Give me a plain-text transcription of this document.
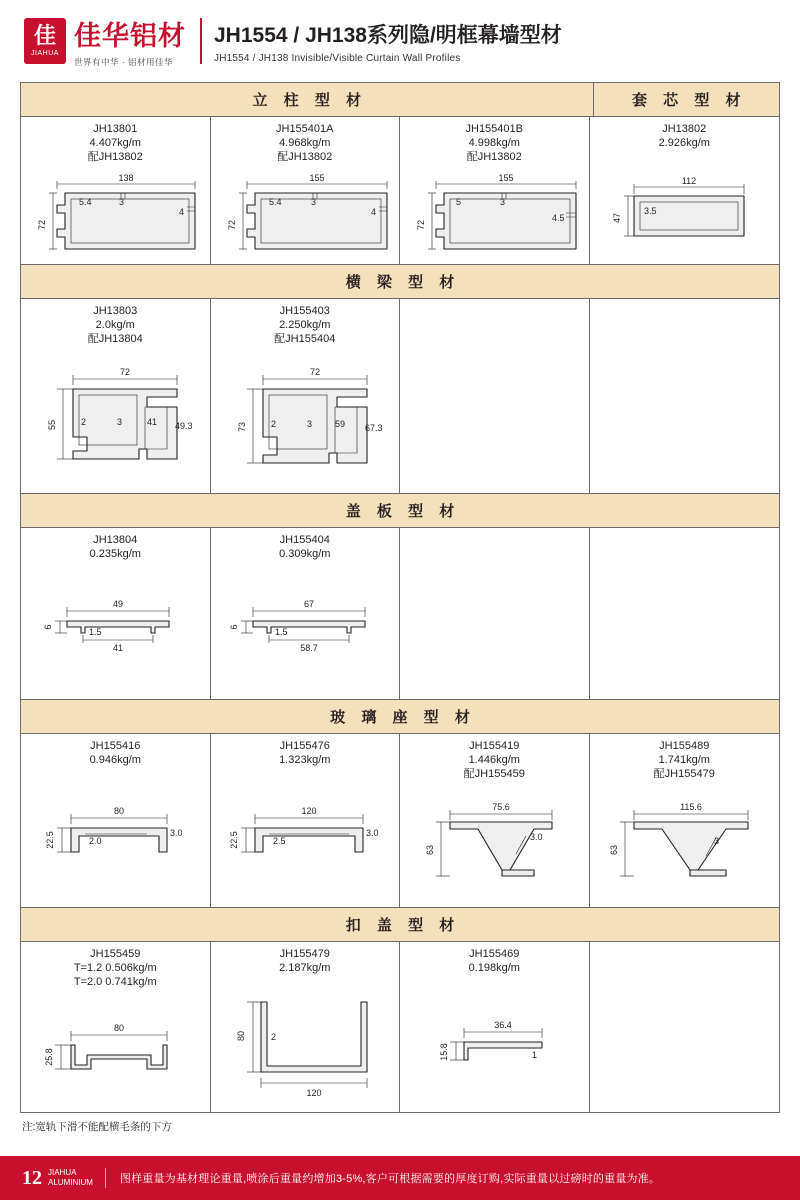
佳
JIAHUA
佳华铝材
世界有中华 · 铝材用佳华
JH1554 / JH138系列隐/明框幕墙型材
JH1554 / JH138 Invisible/Visible Curtain Wall Profiles
立 柱 型 材	套 芯 型 材
JH13801
4.407kg/m
配JH13802
138
72
5.4	3
4
JH155401A
4.968kg/m
配JH13802
155
72
5.4	3
4
JH155401B
4.998kg/m
配JH13802
155
72
5	3
4.5
JH13802
2.926kg/m
112
47
3.5
横 梁 型 材
JH13803
2.0kg/m
配JH13804
72
55	2	3	41 49.3
JH155403
2.250kg/m
配JH155404
72
73	2	3	59 67.3
盖 板 型 材
JH13804
0.235kg/m
49
6	1.5
41
JH155404
0.309kg/m
67
6	1.5
58.7
玻 璃 座 型 材
JH155416
0.946kg/m
80
22.5	2.0
3.0
JH155476
1.323kg/m
120
22.5	2.5
3.0
JH155419
1.446kg/m
配JH155459
75.6
63
3.0
JH155489
1.741kg/m
配JH155479
115.6
63
3
扣 盖 型 材
JH155459
T=1.2 0.506kg/m
T=2.0 0.741kg/m
80
25.8
JH155479
2.187kg/m
80	2
120
JH155469
0.198kg/m
36.4
15.8	1
注:宽轨下滑不能配横毛条的下方
12 JIAHUA
ALUMINIUM 图样重量为基材理论重量,喷涂后重量约增加3-5%,客户可根据需要的厚度订购,实际重量以过磅时的重量为准。
